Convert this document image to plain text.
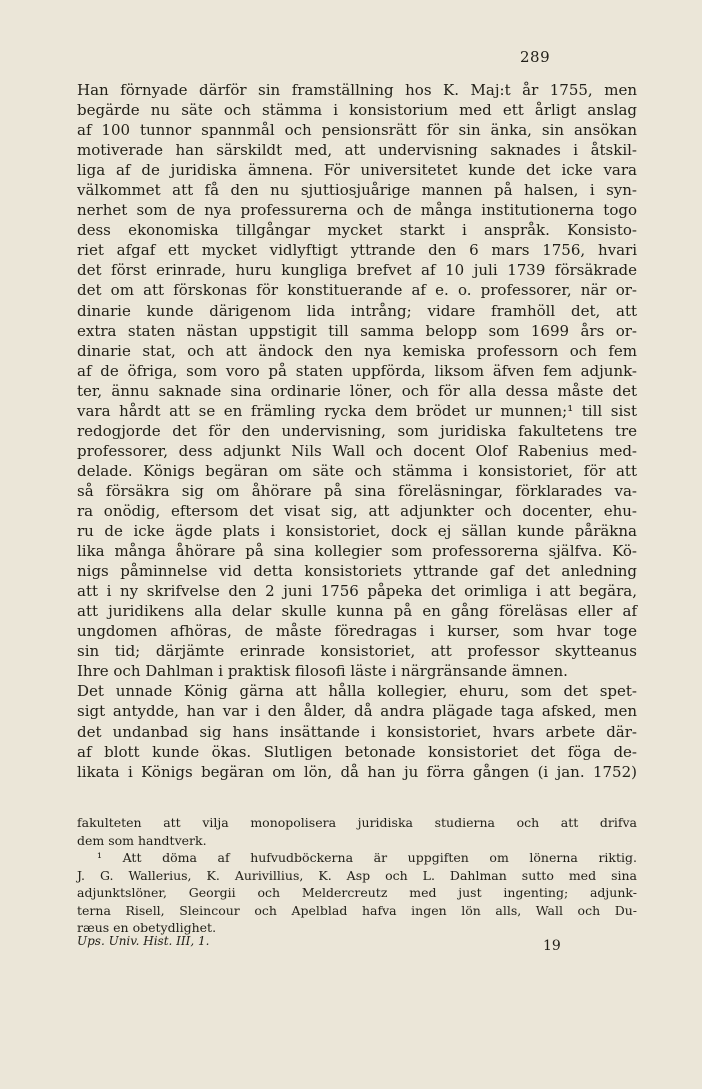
289
Han förnyade därför sin framställning hos K. Maj:t år 1755, men
begärde nu säte och stämma i konsistorium med ett årligt anslag
af 100 tunnor spannmål och pensionsrätt för sin änka, sin ansökan
motiverade han särskildt med, att undervisning saknades i åtskil-
liga af de juridiska ämnena. För universitetet kunde det icke vara
välkommet att få den nu sjuttiosjuårige mannen på halsen, i syn-
nerhet som de nya professurerna och de många institutionerna togo
dess ekonomiska tillgångar mycket starkt i anspråk. Konsisto-
riet afgaf ett mycket vidlyftigt yttrande den 6 mars 1756, hvari
det först erinrade, huru kungliga brefvet af 10 juli 1739 försäkrade
det om att förskonas för konstituerande af e. o. professorer, när or-
dinarie kunde därigenom lida intrång; vidare framhöll det, att
extra staten nästan uppstigit till samma belopp som 1699 års or-
dinarie stat, och att ändock den nya kemiska professorn och fem
af de öfriga, som voro på staten uppförda, liksom äfven fem adjunk-
ter, ännu saknade sina ordinarie löner, och för alla dessa måste det
vara hårdt att se en främling rycka dem brödet ur munnen;¹ till sist
redogjorde det för den undervisning, som juridiska fakultetens tre
professorer, dess adjunkt Nils Wall och docent Olof Rabenius med-
delade. Königs begäran om säte och stämma i konsistoriet, för att
så försäkra sig om åhörare på sina föreläsningar, förklarades va-
ra onödig, eftersom det visat sig, att adjunkter och docenter, ehu-
ru de icke ägde plats i konsistoriet, dock ej sällan kunde påräkna
lika många åhörare på sina kollegier som professorerna själfva. Kö-
nigs påminnelse vid detta konsistoriets yttrande gaf det anledning
att i ny skrifvelse den 2 juni 1756 påpeka det orimliga i att begära,
att juridikens alla delar skulle kunna på en gång föreläsas eller af
ungdomen afhöras, de måste föredragas i kurser, som hvar toge
sin tid; därjämte erinrade konsistoriet, att professor skytteanus
Ihre och Dahlman i praktisk filosofi läste i närgränsande ämnen.
Det unnade König gärna att hålla kollegier, ehuru, som det spet-
sigt antydde, han var i den ålder, då andra plägade taga afsked, men
det undanbad sig hans insättande i konsistoriet, hvars arbete där-
af blott kunde ökas. Slutligen betonade konsistoriet det föga de-
likata i Königs begäran om lön, då han ju förra gången (i jan. 1752)
fakulteten att vilja monopolisera juridiska studierna och att drifva
dem som handtverk.
¹ Att döma af hufvudböckerna är uppgiften om lönerna riktig.
J. G. Wallerius, K. Aurivillius, K. Asp och L. Dahlman sutto med sina
adjunktslöner, Georgii och Meldercreutz med just ingenting; adjunk-
terna Risell, Sleincour och Apelblad hafva ingen lön alls, Wall och Du-
ræus en obetydlighet.
Ups. Univ. Hist. III, 1.	19
